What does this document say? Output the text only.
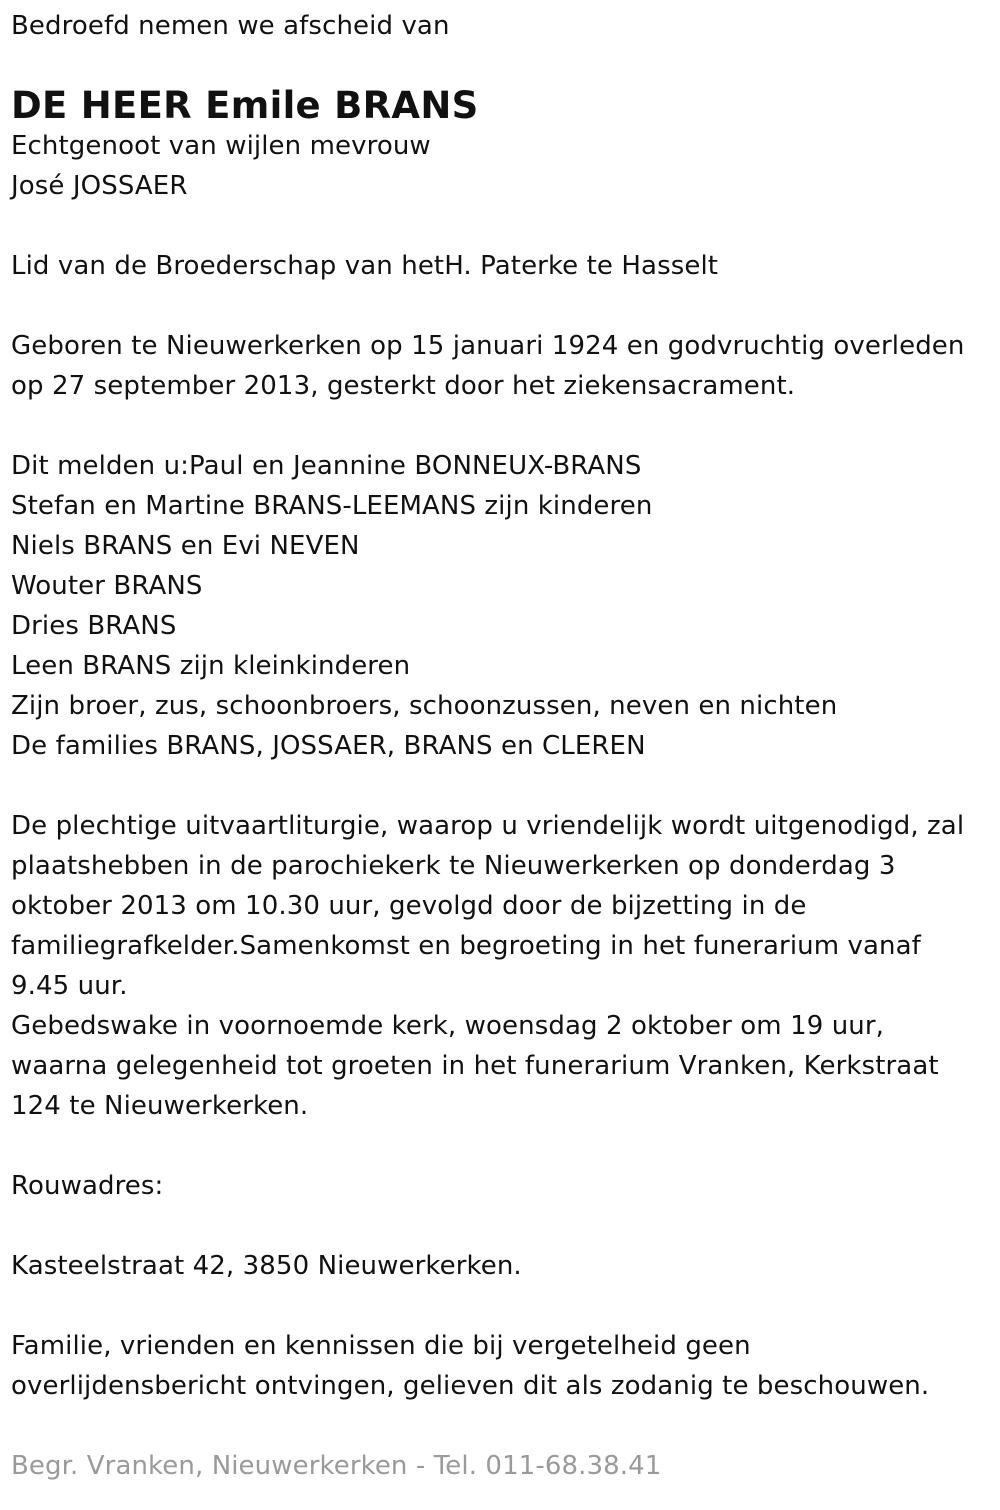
Bedroefd nemen we afscheid van
DE HEER Emile BRANS
Echtgenoot van wijlen mevrouw
José JOSSAER
Lid van de Broederschap van hetH. Paterke te Hasselt
Geboren te Nieuwerkerken op 15 januari 1924 en godvruchtig overleden
op 27 september 2013, gesterkt door het ziekensacrament.
Dit melden u:Paul en Jeannine BONNEUX-BRANS
Stefan en Martine BRANS-LEEMANS zijn kinderen
Niels BRANS en Evi NEVEN
Wouter BRANS
Dries BRANS
Leen BRANS zijn kleinkinderen
Zijn broer, zus, schoonbroers, schoonzussen, neven en nichten
De families BRANS, JOSSAER, BRANS en CLEREN
De plechtige uitvaartliturgie, waarop u vriendelijk wordt uitgenodigd, zal
plaatshebben in de parochiekerk te Nieuwerkerken op donderdag 3
oktober 2013 om 10.30 uur, gevolgd door de bijzetting in de
familiegrafkelder.Samenkomst en begroeting in het funerarium vanaf
9.45 uur.
Gebedswake in voornoemde kerk, woensdag 2 oktober om 19 uur,
waarna gelegenheid tot groeten in het funerarium Vranken, Kerkstraat
124 te Nieuwerkerken.
Rouwadres:
Kasteelstraat 42, 3850 Nieuwerkerken.
Familie, vrienden en kennissen die bij vergetelheid geen
overlijdensbericht ontvingen, gelieven dit als zodanig te beschouwen.
Begr. Vranken, Nieuwerkerken - Tel. 011-68.38.41
